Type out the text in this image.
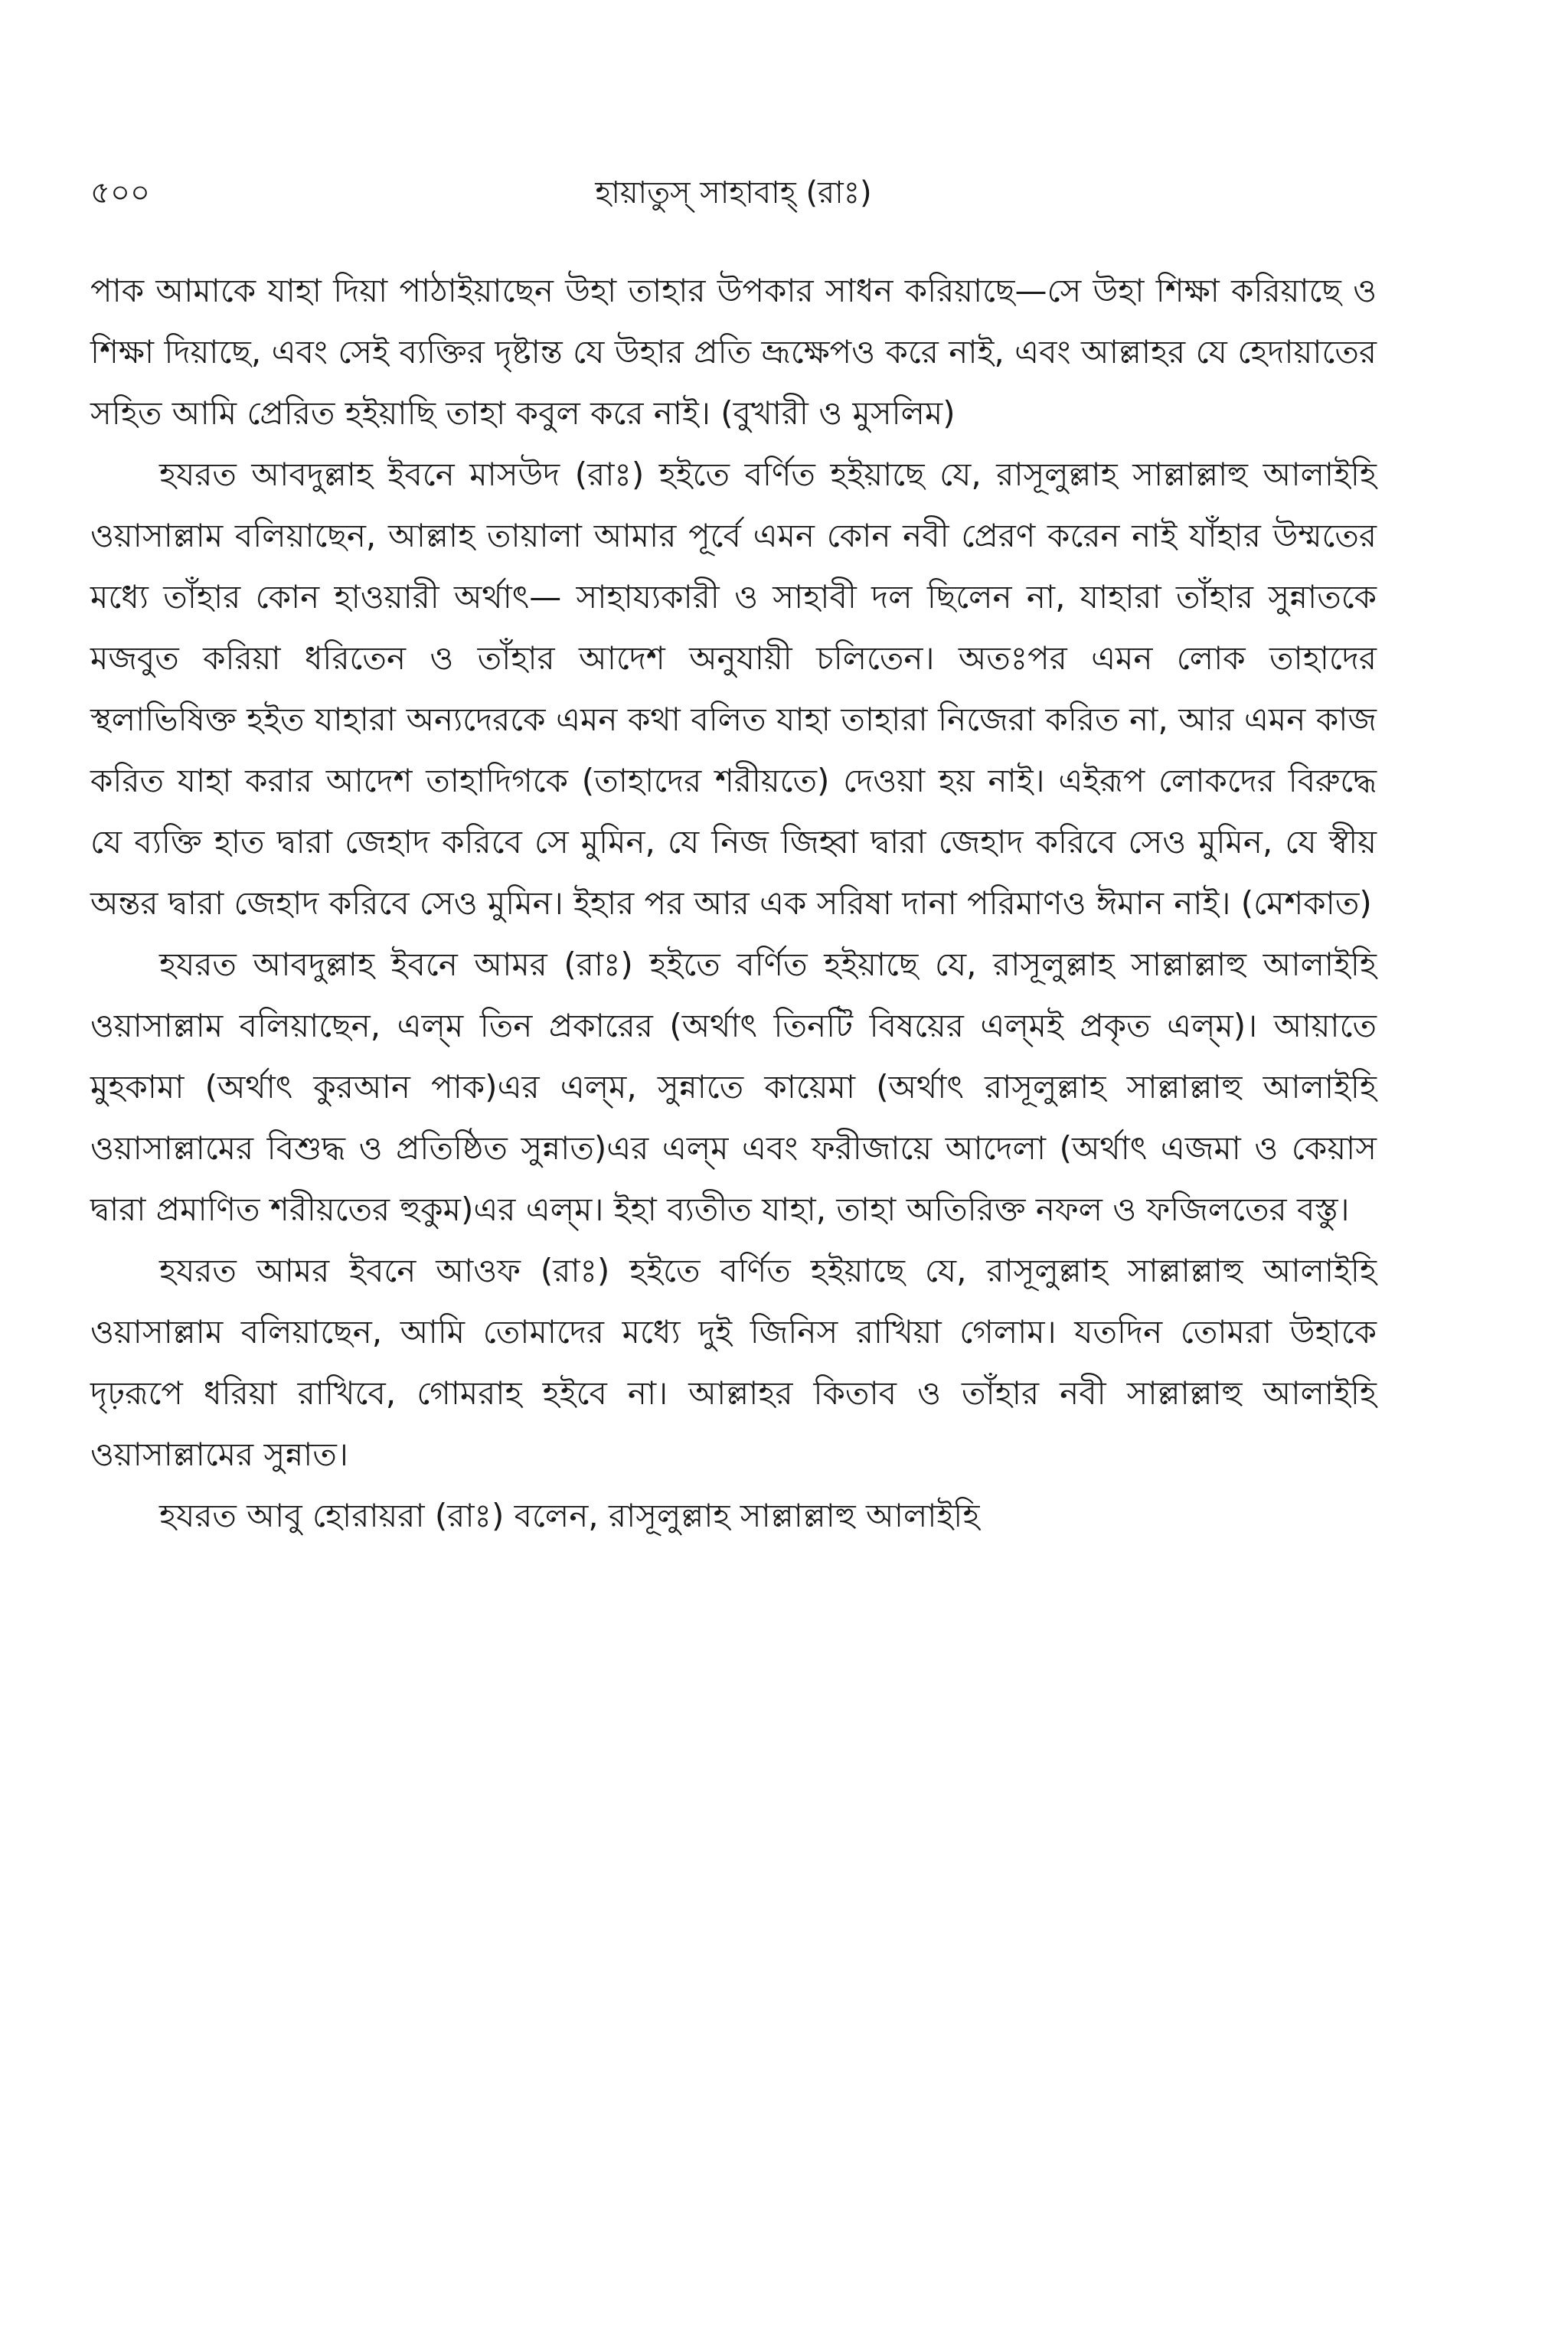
৫০০	হায়াতুস্ সাহাবাহ্ (রাঃ)

পাক আমাকে যাহা দিয়া পাঠাইয়াছেন উহা তাহার উপকার সাধন করিয়াছে—সে উহা শিক্ষা করিয়াছে ও শিক্ষা দিয়াছে, এবং সেই ব্যক্তির দৃষ্টান্ত যে উহার প্রতি ভ্রূক্ষেপও করে নাই, এবং আল্লাহর যে হেদায়াতের সহিত আমি প্রেরিত হইয়াছি তাহা কবুল করে নাই। (বুখারী ও মুসলিম)

হযরত আবদুল্লাহ ইবনে মাসউদ (রাঃ) হইতে বর্ণিত হইয়াছে যে, রাসূলুল্লাহ সাল্লাল্লাহু আলাইহি ওয়াসাল্লাম বলিয়াছেন, আল্লাহ তায়ালা আমার পূর্বে এমন কোন নবী প্রেরণ করেন নাই যাঁহার উম্মতের মধ্যে তাঁহার কোন হাওয়ারী অর্থাৎ— সাহায্যকারী ও সাহাবী দল ছিলেন না, যাহারা তাঁহার সুন্নাতকে মজবুত করিয়া ধরিতেন ও তাঁহার আদেশ অনুযায়ী চলিতেন। অতঃপর এমন লোক তাহাদের স্থলাভিষিক্ত হইত যাহারা অন্যদেরকে এমন কথা বলিত যাহা তাহারা নিজেরা করিত না, আর এমন কাজ করিত যাহা করার আদেশ তাহাদিগকে (তাহাদের শরীয়তে) দেওয়া হয় নাই। এইরূপ লোকদের বিরুদ্ধে যে ব্যক্তি হাত দ্বারা জেহাদ করিবে সে মুমিন, যে নিজ জিহ্বা দ্বারা জেহাদ করিবে সেও মুমিন, যে স্বীয় অন্তর দ্বারা জেহাদ করিবে সেও মুমিন। ইহার পর আর এক সরিষা দানা পরিমাণও ঈমান নাই। (মেশকাত)

হযরত আবদুল্লাহ ইবনে আমর (রাঃ) হইতে বর্ণিত হইয়াছে যে, রাসূলুল্লাহ সাল্লাল্লাহু আলাইহি ওয়াসাল্লাম বলিয়াছেন, এল্‌ম তিন প্রকারের (অর্থাৎ তিনটি বিষয়ের এল্‌মই প্রকৃত এল্‌ম)। আয়াতে মুহকামা (অর্থাৎ কুরআন পাক)এর এল্‌ম, সুন্নাতে কায়েমা (অর্থাৎ রাসূলুল্লাহ সাল্লাল্লাহু আলাইহি ওয়াসাল্লামের বিশুদ্ধ ও প্রতিষ্ঠিত সুন্নাত)এর এল্‌ম এবং ফরীজায়ে আদেলা (অর্থাৎ এজমা ও কেয়াস দ্বারা প্রমাণিত শরীয়তের হুকুম)এর এল্‌ম। ইহা ব্যতীত যাহা, তাহা অতিরিক্ত নফল ও ফজিলতের বস্তু।

হযরত আমর ইবনে আওফ (রাঃ) হইতে বর্ণিত হইয়াছে যে, রাসূলুল্লাহ সাল্লাল্লাহু আলাইহি ওয়াসাল্লাম বলিয়াছেন, আমি তোমাদের মধ্যে দুই জিনিস রাখিয়া গেলাম। যতদিন তোমরা উহাকে দৃঢ়রূপে ধরিয়া রাখিবে, গোমরাহ হইবে না। আল্লাহর কিতাব ও তাঁহার নবী সাল্লাল্লাহু আলাইহি ওয়াসাল্লামের সুন্নাত।

হযরত আবু হোরায়রা (রাঃ) বলেন, রাসূলুল্লাহ সাল্লাল্লাহু আলাইহি
